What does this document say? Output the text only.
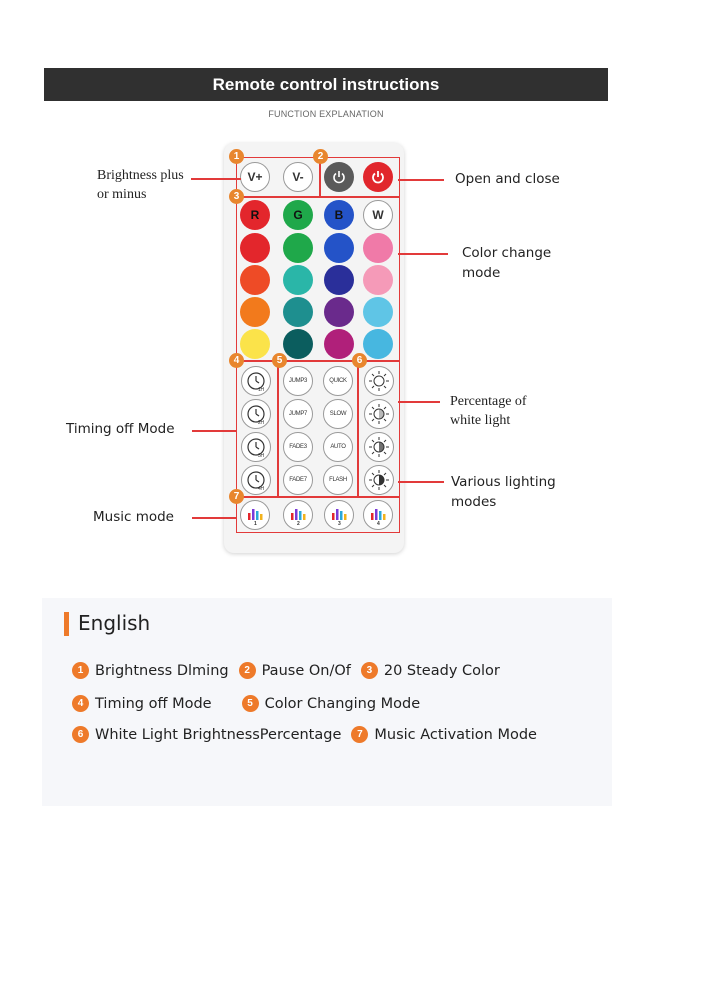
Remote control instructions
FUNCTION EXPLANATION
V+	V-
R	G	B	W
1H
2H
3H
4H
JUMP3
JUMP7
FADE3
FADE7
QUICK
SLOW
AUTO
FLASH
1	2	3	4
1	2
3
4	5	6
7
Brightness plus or minus
Timing off Mode
Music mode
Open and close
Color change mode
Percentage of white light
Various lighting modes
English
1 Brightness Dlming	2 Pause On/Of	3 20 Steady Color
4 Timing off Mode	5 Color Changing Mode
6 White Light BrightnessPercentage	7 Music Activation Mode
